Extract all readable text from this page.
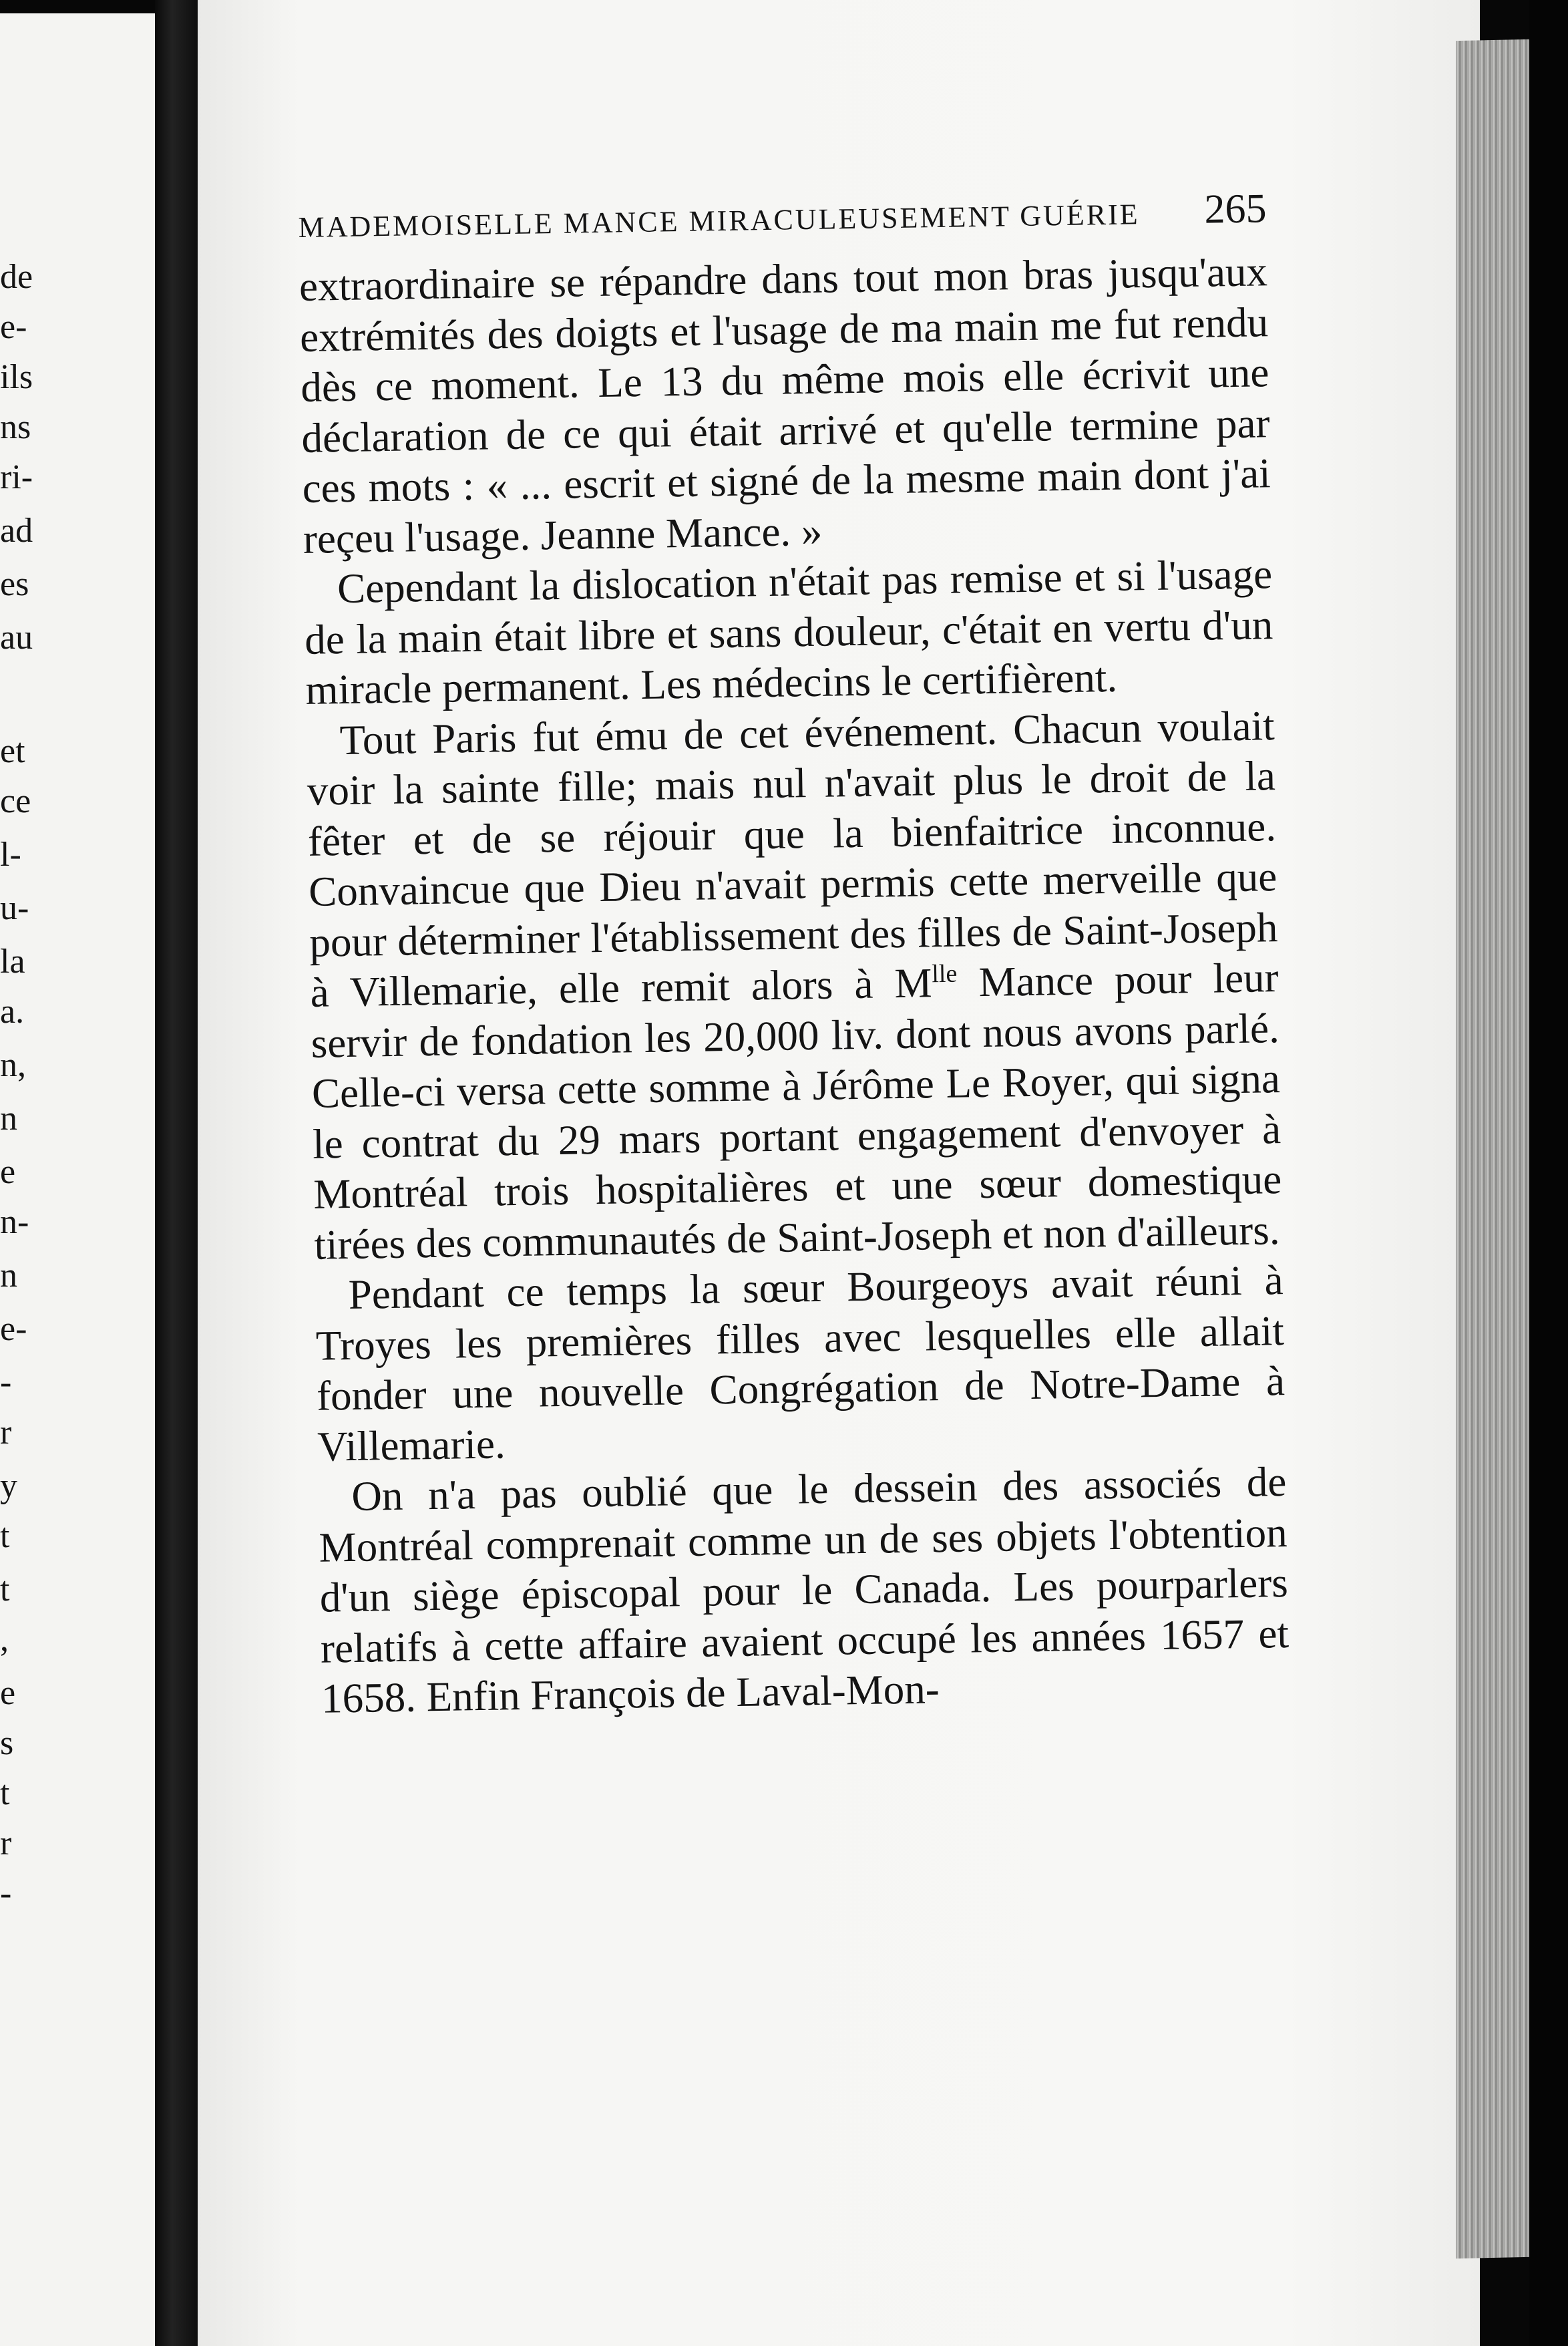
de
e-
ils
ns
ri-
ad
es
au
et
ce
l-
u-
la
a.
n,
n
e
n-
n
e-
-
r
y
t
t
,
e
s
t
r
-
MADEMOISELLE MANCE MIRACULEUSEMENT GUÉRIE 265

extraordinaire se répandre dans tout mon bras jusqu'aux extrémités des doigts et l'usage de ma main me fut rendu dès ce moment. Le 13 du même mois elle écrivit une déclaration de ce qui était arrivé et qu'elle termine par ces mots : « ... escrit et signé de la mesme main dont j'ai reçeu l'usage. Jeanne Mance. »

Cependant la dislocation n'était pas remise et si l'usage de la main était libre et sans douleur, c'était en vertu d'un miracle permanent. Les médecins le certifièrent.

Tout Paris fut ému de cet événement. Chacun voulait voir la sainte fille; mais nul n'avait plus le droit de la fêter et de se réjouir que la bienfaitrice inconnue. Convaincue que Dieu n'avait permis cette merveille que pour déterminer l'établissement des filles de Saint-Joseph à Villemarie, elle remit alors à $M^{lle}$ Mance pour leur servir de fondation les 20,000 liv. dont nous avons parlé. Celle-ci versa cette somme à Jérôme Le Royer, qui signa le contrat du 29 mars portant engagement d'envoyer à Montréal trois hospitalières et une sœur domestique tirées des communautés de Saint-Joseph et non d'ailleurs.

Pendant ce temps la sœur Bourgeoys avait réuni à Troyes les premières filles avec lesquelles elle allait fonder une nouvelle Congrégation de Notre-Dame à Villemarie.

On n'a pas oublié que le dessein des associés de Montréal comprenait comme un de ses objets l'obtention d'un siège épiscopal pour le Canada. Les pourparlers relatifs à cette affaire avaient occupé les années 1657 et 1658. Enfin François de Laval-Mon-
